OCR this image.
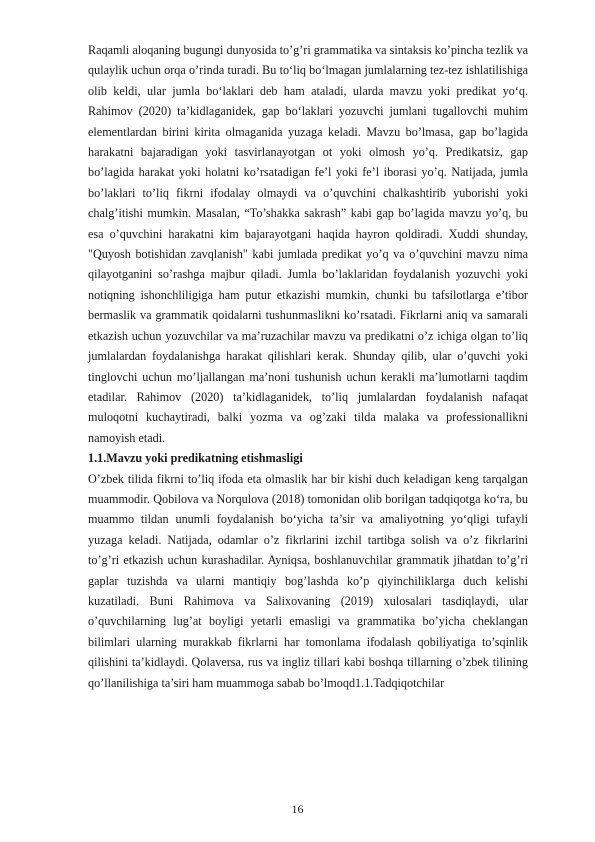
Raqamli aloqaning bugungi dunyosida to’g’ri grammatika va sintaksis ko’pincha tezlik va qulaylik uchun orqa o’rinda turadi. Bu to‘liq bo‘lmagan jumlalarning tez-tez ishlatilishiga olib keldi, ular jumla bo‘laklari deb ham ataladi, ularda mavzu yoki predikat yo‘q. Rahimov (2020) ta’kidlaganidek, gap bo‘laklari yozuvchi jumlani tugallovchi muhim elementlardan birini kirita olmaganida yuzaga keladi. Mavzu bo’lmasa, gap bo’lagida harakatni bajaradigan yoki tasvirlanayotgan ot yoki olmosh yo’q. Predikatsiz, gap bo’lagida harakat yoki holatni ko’rsatadigan fe’l yoki fe’l iborasi yo’q. Natijada, jumla bo’laklari to’liq fikrni ifodalay olmaydi va o’quvchini chalkashtirib yuborishi yoki chalg’itishi mumkin. Masalan, “To’shakka sakrash” kabi gap bo’lagida mavzu yo’q, bu esa o’quvchini harakatni kim bajarayotgani haqida hayron qoldiradi. Xuddi shunday, "Quyosh botishidan zavqlanish" kabi jumlada predikat yo’q va o’quvchini mavzu nima qilayotganini so’rashga majbur qiladi. Jumla bo’laklaridan foydalanish yozuvchi yoki notiqning ishonchliligiga ham putur etkazishi mumkin, chunki bu tafsilotlarga e’tibor bermaslik va grammatik qoidalarni tushunmaslikni ko’rsatadi. Fikrlarni aniq va samarali etkazish uchun yozuvchilar va ma’ruzachilar mavzu va predikatni o’z ichiga olgan to’liq jumlalardan foydalanishga harakat qilishlari kerak. Shunday qilib, ular o’quvchi yoki tinglovchi uchun mo’ljallangan ma’noni tushunish uchun kerakli ma’lumotlarni taqdim etadilar. Rahimov (2020) ta’kidlaganidek, to’liq jumlalardan foydalanish nafaqat muloqotni kuchaytiradi, balki yozma va og’zaki tilda malaka va professionallikni namoyish etadi.

1.1.Mavzu yoki predikatning etishmasligi

O’zbek tilida fikrni to’liq ifoda eta olmaslik har bir kishi duch keladigan keng tarqalgan muammodir. Qobilova va Norqulova (2018) tomonidan olib borilgan tadqiqotga ko‘ra, bu muammo tildan unumli foydalanish bo‘yicha ta’sir va amaliyotning yo‘qligi tufayli yuzaga keladi. Natijada, odamlar o’z fikrlarini izchil tartibga solish va o’z fikrlarini to’g’ri etkazish uchun kurashadilar. Ayniqsa, boshlanuvchilar grammatik jihatdan to’g’ri gaplar tuzishda va ularni mantiqiy bog’lashda ko’p qiyinchiliklarga duch kelishi kuzatiladi. Buni Rahimova va Salixovaning (2019) xulosalari tasdiqlaydi, ular o’quvchilarning lug’at boyligi yetarli emasligi va grammatika bo’yicha cheklangan bilimlari ularning murakkab fikrlarni har tomonlama ifodalash qobiliyatiga to’sqinlik qilishini ta’kidlaydi. Qolaversa, rus va ingliz tillari kabi boshqa tillarning o’zbek tilining qo’llanilishiga ta’siri ham muammoga sabab bo’lmoqd1.1.Tadqiqotchilar

16
